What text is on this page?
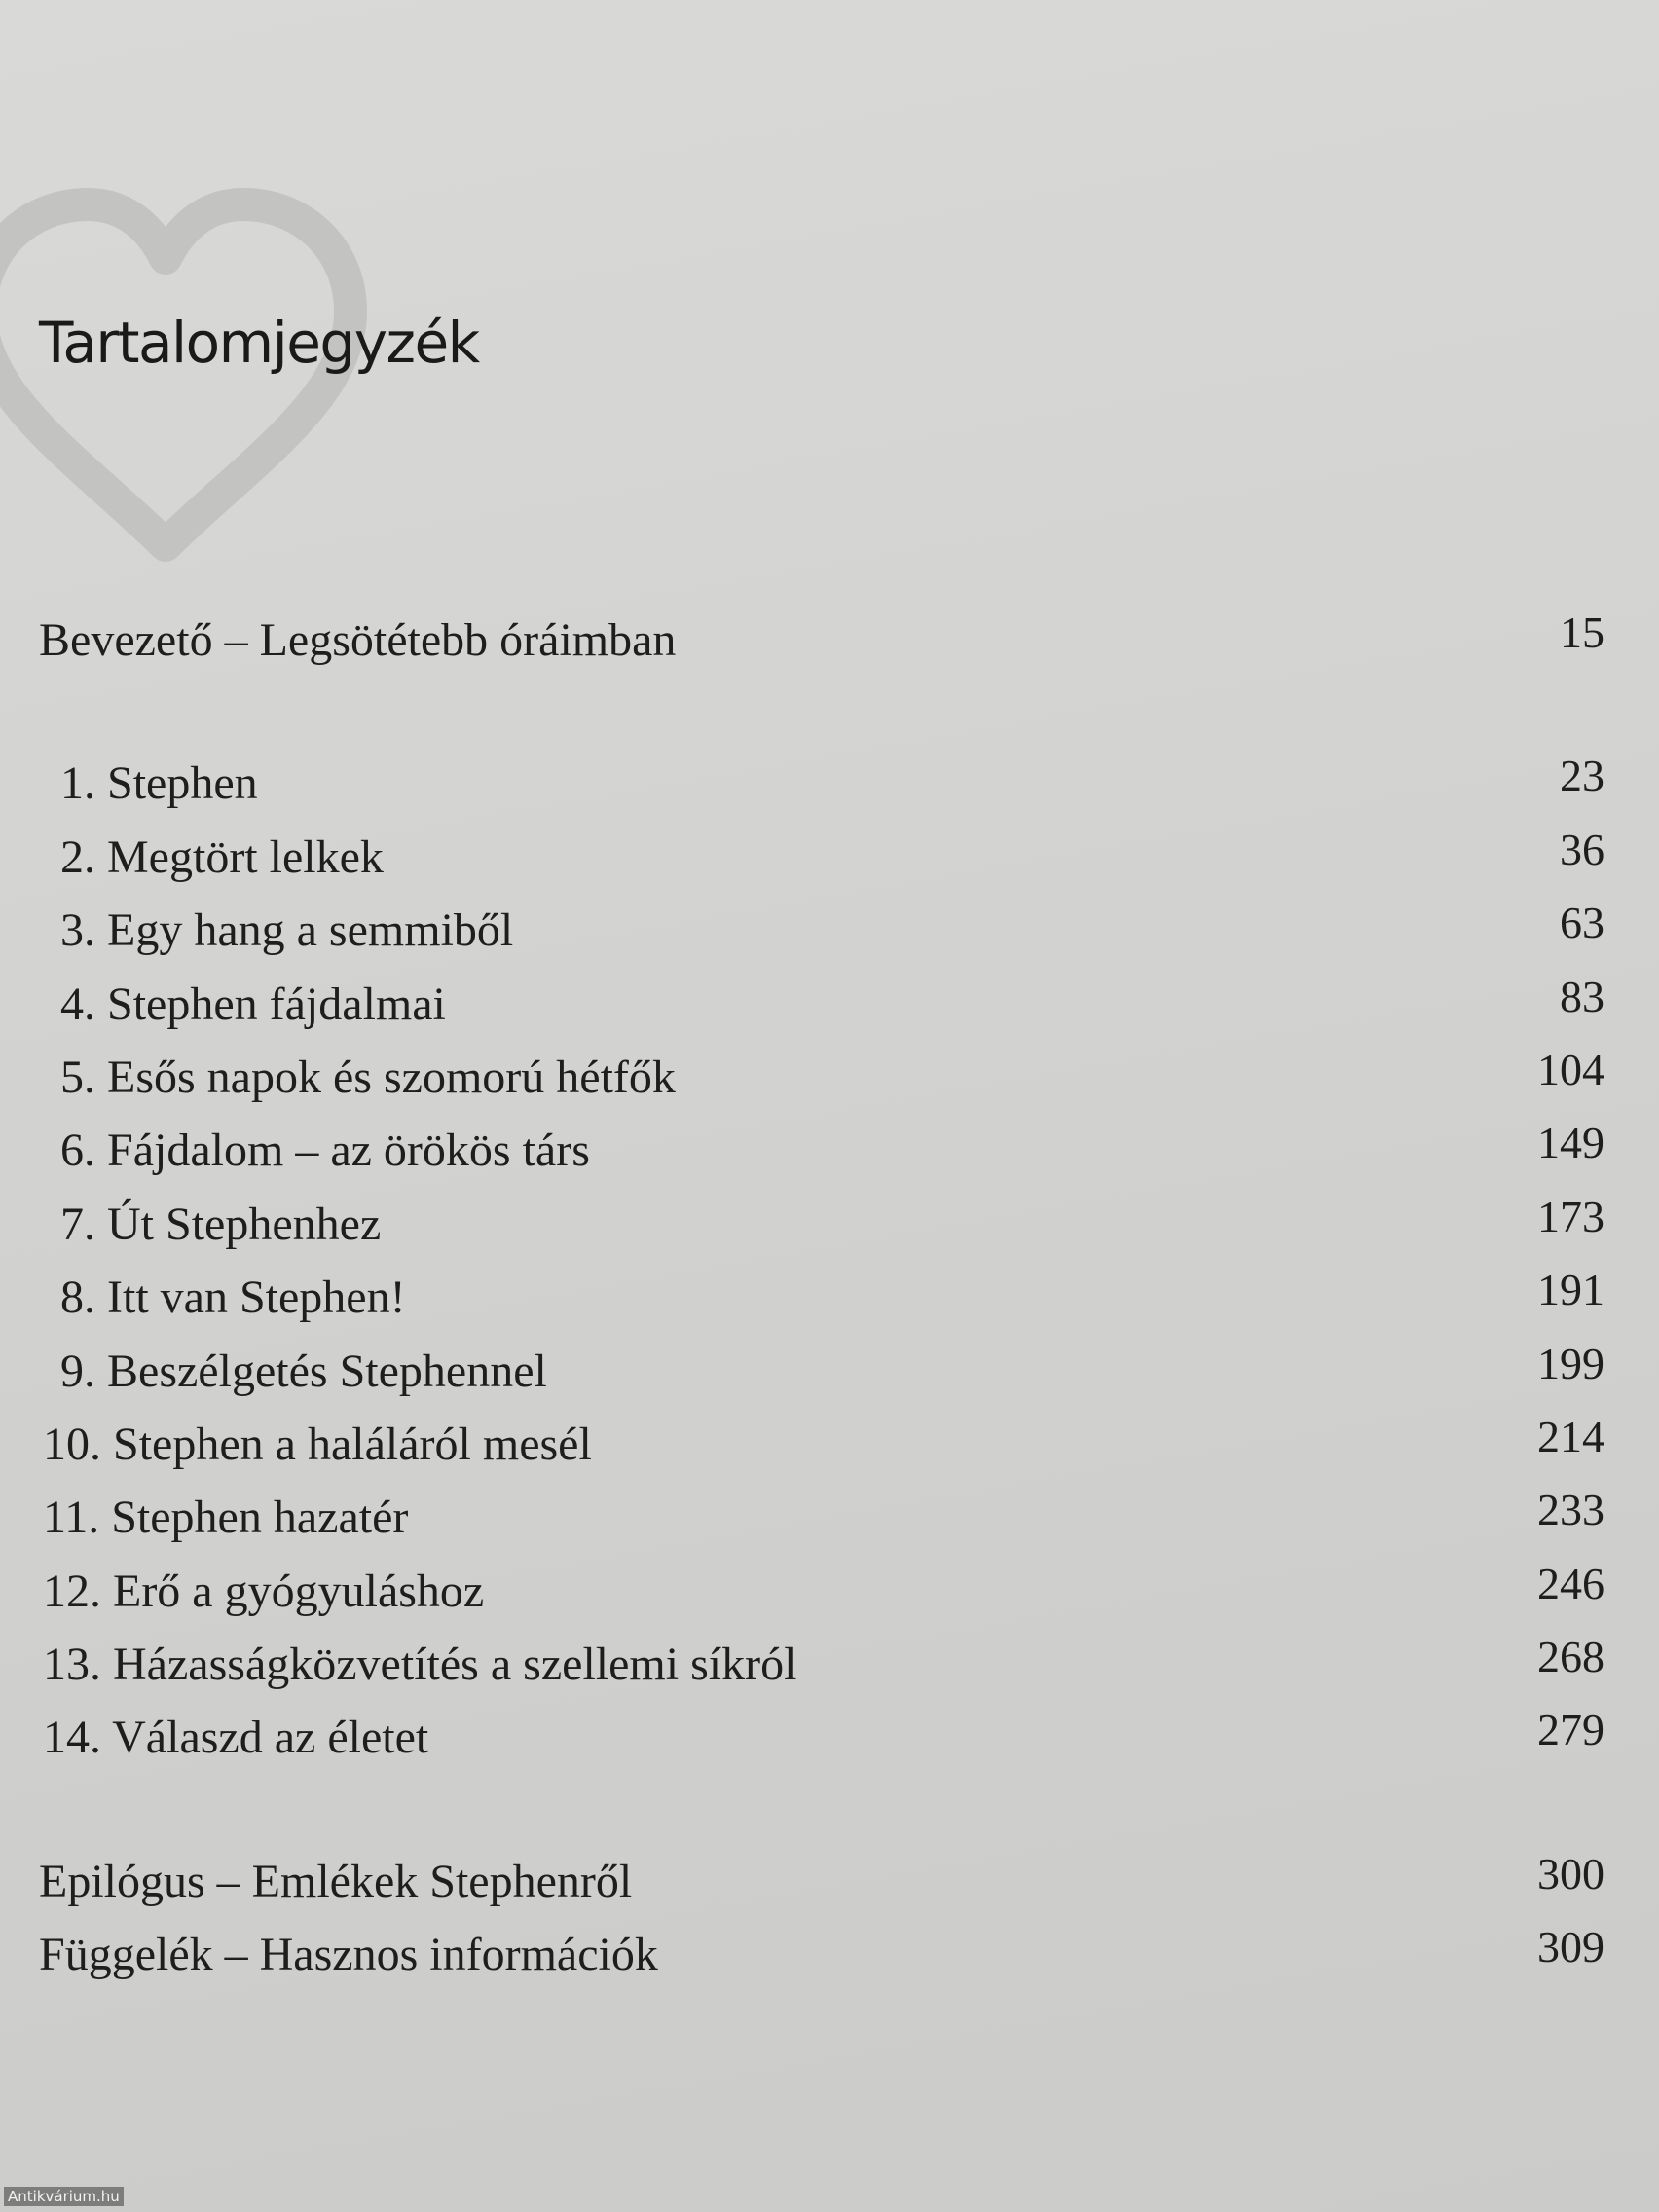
Tartalomjegyzék
Bevezető – Legsötétebb óráimban	15
1. Stephen	23
2. Megtört lelkek	36
3. Egy hang a semmiből	63
4. Stephen fájdalmai	83
5. Esős napok és szomorú hétfők	104
6. Fájdalom – az örökös társ	149
7. Út Stephenhez	173
8. Itt van Stephen!	191
9. Beszélgetés Stephennel	199
10. Stephen a haláláról mesél	214
11. Stephen hazatér	233
12. Erő a gyógyuláshoz	246
13. Házasságközvetítés a szellemi síkról	268
14. Válaszd az életet	279
Epilógus – Emlékek Stephenről	300
Függelék – Hasznos információk	309
Antikvárium.hu
